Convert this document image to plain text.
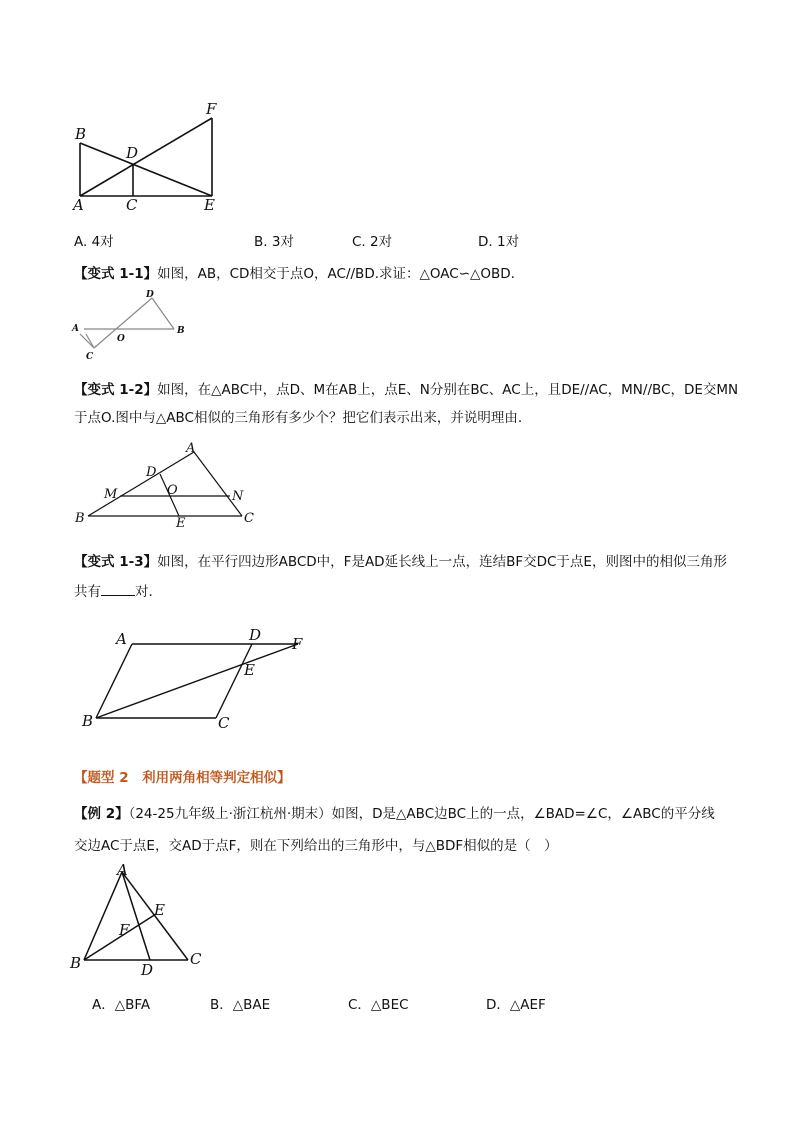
B
D
F
A	C	E
A. 4对	B. 3对	C. 2对	D. 1对
【变式 1-1】如图，AB，CD相交于点O，AC//BD.求证：△OAC∽△OBD.
D
A
O
B
C
【变式 1-2】如图，在△ABC中，点D、M在AB上，点E、N分别在BC、AC上，且DE//AC，MN//BC，DE交MN
于点O.图中与△ABC相似的三角形有多少个？把它们表示出来，并说明理由.
A
D
M	O	N
B	E	C
【变式 1-3】如图，在平行四边形ABCD中，F是AD延长线上一点，连结BF交DC于点E，则图中的相似三角形
共有	对.
A	D F
E
B	C
【题型 2　利用两角相等判定相似】
【例 2】（24-25九年级上·浙江杭州·期末）如图，D是△ABC边BC上的一点，∠BAD=∠C，∠ABC的平分线
交边AC于点E，交AD于点F，则在下列给出的三角形中，与△BDF相似的是（　）
A
E
F
B	D
C
A．△BFA	B．△BAE	C．△BEC	D．△AEF
